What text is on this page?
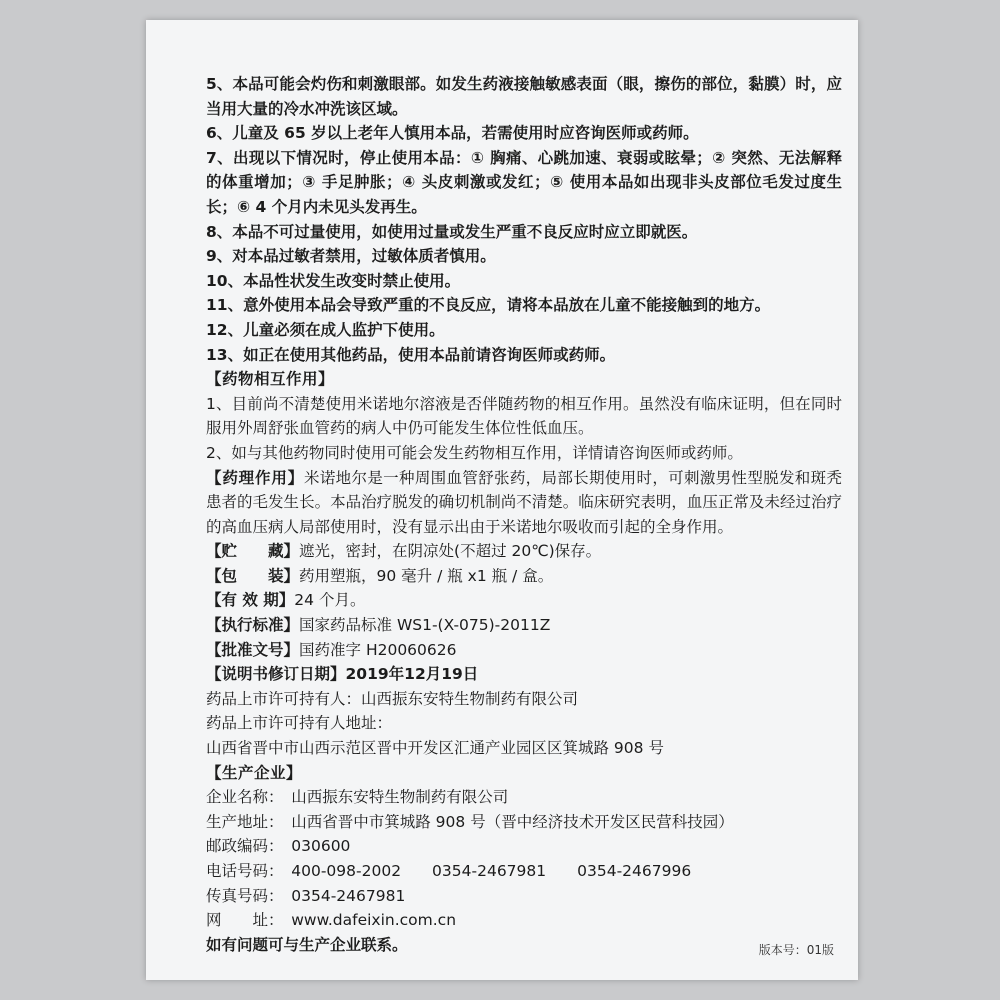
5、本品可能会灼伤和刺激眼部。如发生药液接触敏感表面（眼，擦伤的部位，黏膜）时，应当用大量的冷水冲洗该区域。
6、儿童及 65 岁以上老年人慎用本品，若需使用时应咨询医师或药师。
7、出现以下情况时，停止使用本品：① 胸痛、心跳加速、衰弱或眩晕；② 突然、无法解释的体重增加；③ 手足肿胀；④ 头皮刺激或发红；⑤ 使用本品如出现非头皮部位毛发过度生长；⑥ 4 个月内未见头发再生。
8、本品不可过量使用，如使用过量或发生严重不良反应时应立即就医。
9、对本品过敏者禁用，过敏体质者慎用。
10、本品性状发生改变时禁止使用。
11、意外使用本品会导致严重的不良反应，请将本品放在儿童不能接触到的地方。
12、儿童必须在成人监护下使用。
13、如正在使用其他药品，使用本品前请咨询医师或药师。
【药物相互作用】
1、目前尚不清楚使用米诺地尔溶液是否伴随药物的相互作用。虽然没有临床证明，但在同时服用外周舒张血管药的病人中仍可能发生体位性低血压。
2、如与其他药物同时使用可能会发生药物相互作用，详情请咨询医师或药师。
【药理作用】米诺地尔是一种周围血管舒张药，局部长期使用时，可刺激男性型脱发和斑秃患者的毛发生长。本品治疗脱发的确切机制尚不清楚。临床研究表明，血压正常及未经过治疗的高血压病人局部使用时，没有显示出由于米诺地尔吸收而引起的全身作用。
【贮　　藏】 遮光，密封，在阴凉处(不超过 20℃)保存。
【包　　装】 药用塑瓶，90 毫升 / 瓶 x1 瓶 / 盒。
【有 效 期】 24 个月。
【执行标准】 国家药品标准 WS1-(X-075)-2011Z
【批准文号】 国药准字 H20060626
【说明书修订日期】 2019年12月19日
药品上市许可持有人：山西振东安特生物制药有限公司
药品上市许可持有人地址：
山西省晋中市山西示范区晋中开发区汇通产业园区区箕城路 908 号
【生产企业】
企业名称：　山西振东安特生物制药有限公司
生产地址：　山西省晋中市箕城路 908 号（晋中经济技术开发区民营科技园）
邮政编码：　030600
电话号码：　400-098-2002　　0354-2467981　　0354-2467996
传真号码：　0354-2467981
网　　址：　www.dafeixin.com.cn
如有问题可与生产企业联系。	版本号：01版
